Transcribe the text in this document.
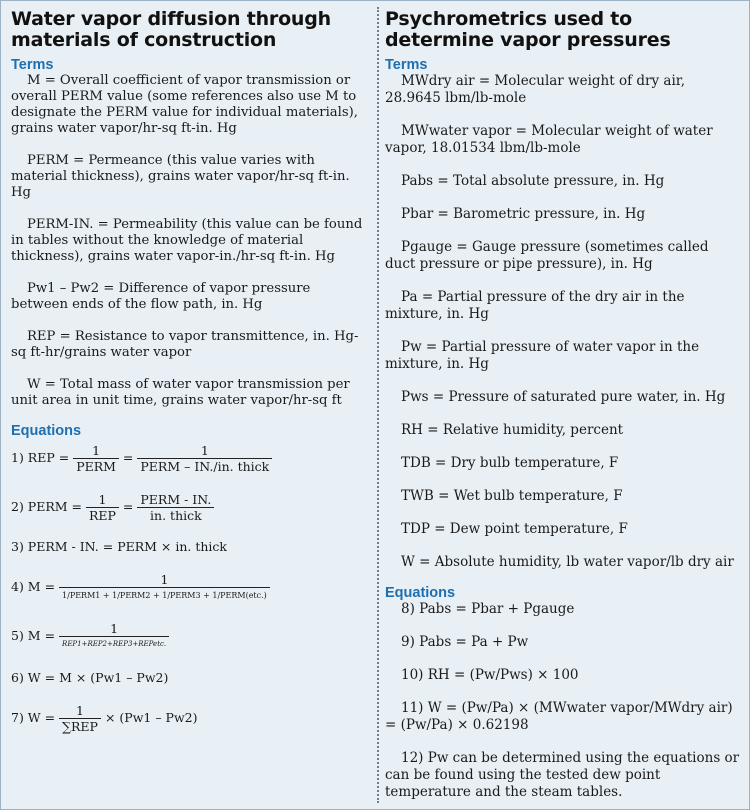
Water vapor diffusion through materials of construction
Terms

M = Overall coefficient of vapor transmission or overall PERM value (some references also use M to designate the PERM value for individual materials), grains water vapor/hr-sq ft-in. Hg

PERM = Permeance (this value varies with material thickness), grains water vapor/hr-sq ft-in. Hg

PERM-IN. = Permeability (this value can be found in tables without the knowledge of material thickness), grains water vapor-in./hr-sq ft-in. Hg

Pw1 – Pw2 = Difference of vapor pressure between ends of the flow path, in. Hg

REP = Resistance to vapor transmittence, in. Hg-sq ft-hr/grains water vapor

W = Total mass of water vapor transmission per unit area in unit time, grains water vapor/hr-sq ft

Equations
1) REP = $\frac{1}{\text{PERM}} = \frac{1}{\text{PERM – IN./in. thick}}$
2) PERM = $\frac{1}{\text{REP}} = \frac{\text{PERM - IN.}}{\text{in. thick}}$
3) PERM - IN. = PERM × in. thick
4) $M = \frac{1}{\text{1/PERM1 + 1/PERM2 + 1/PERM3 + 1/PERM(etc.)}}$
5) $M = \frac{1}{\text{REP1+REP2+REP3+REPetc.}}$
6) W = M × (Pw1 – Pw2)
7) $W = \frac{1}{\text{∑REP}} \times (Pw1 - Pw2)$
Psychrometrics used to determine vapor pressures
Terms

MWdry air = Molecular weight of dry air, 28.9645 lbm/lb-mole

MWwater vapor = Molecular weight of water vapor, 18.01534 lbm/lb-mole

Pabs = Total absolute pressure, in. Hg

Pbar = Barometric pressure, in. Hg

Pgauge = Gauge pressure (sometimes called duct pressure or pipe pressure), in. Hg

Pa = Partial pressure of the dry air in the mixture, in. Hg

Pw = Partial pressure of water vapor in the mixture, in. Hg

Pws = Pressure of saturated pure water, in. Hg

RH = Relative humidity, percent

TDB = Dry bulb temperature, F

TWB = Wet bulb temperature, F

TDP = Dew point temperature, F

W = Absolute humidity, lb water vapor/lb dry air

Equations

8) Pabs = Pbar + Pgauge

9) Pabs = Pa + Pw

10) RH = (Pw/Pws) × 100

11) W = (Pw/Pa) × (MWwater vapor/MWdry air) = (Pw/Pa) × 0.62198

12) Pw can be determined using the equations or can be found using the tested dew point temperature and the steam tables.
